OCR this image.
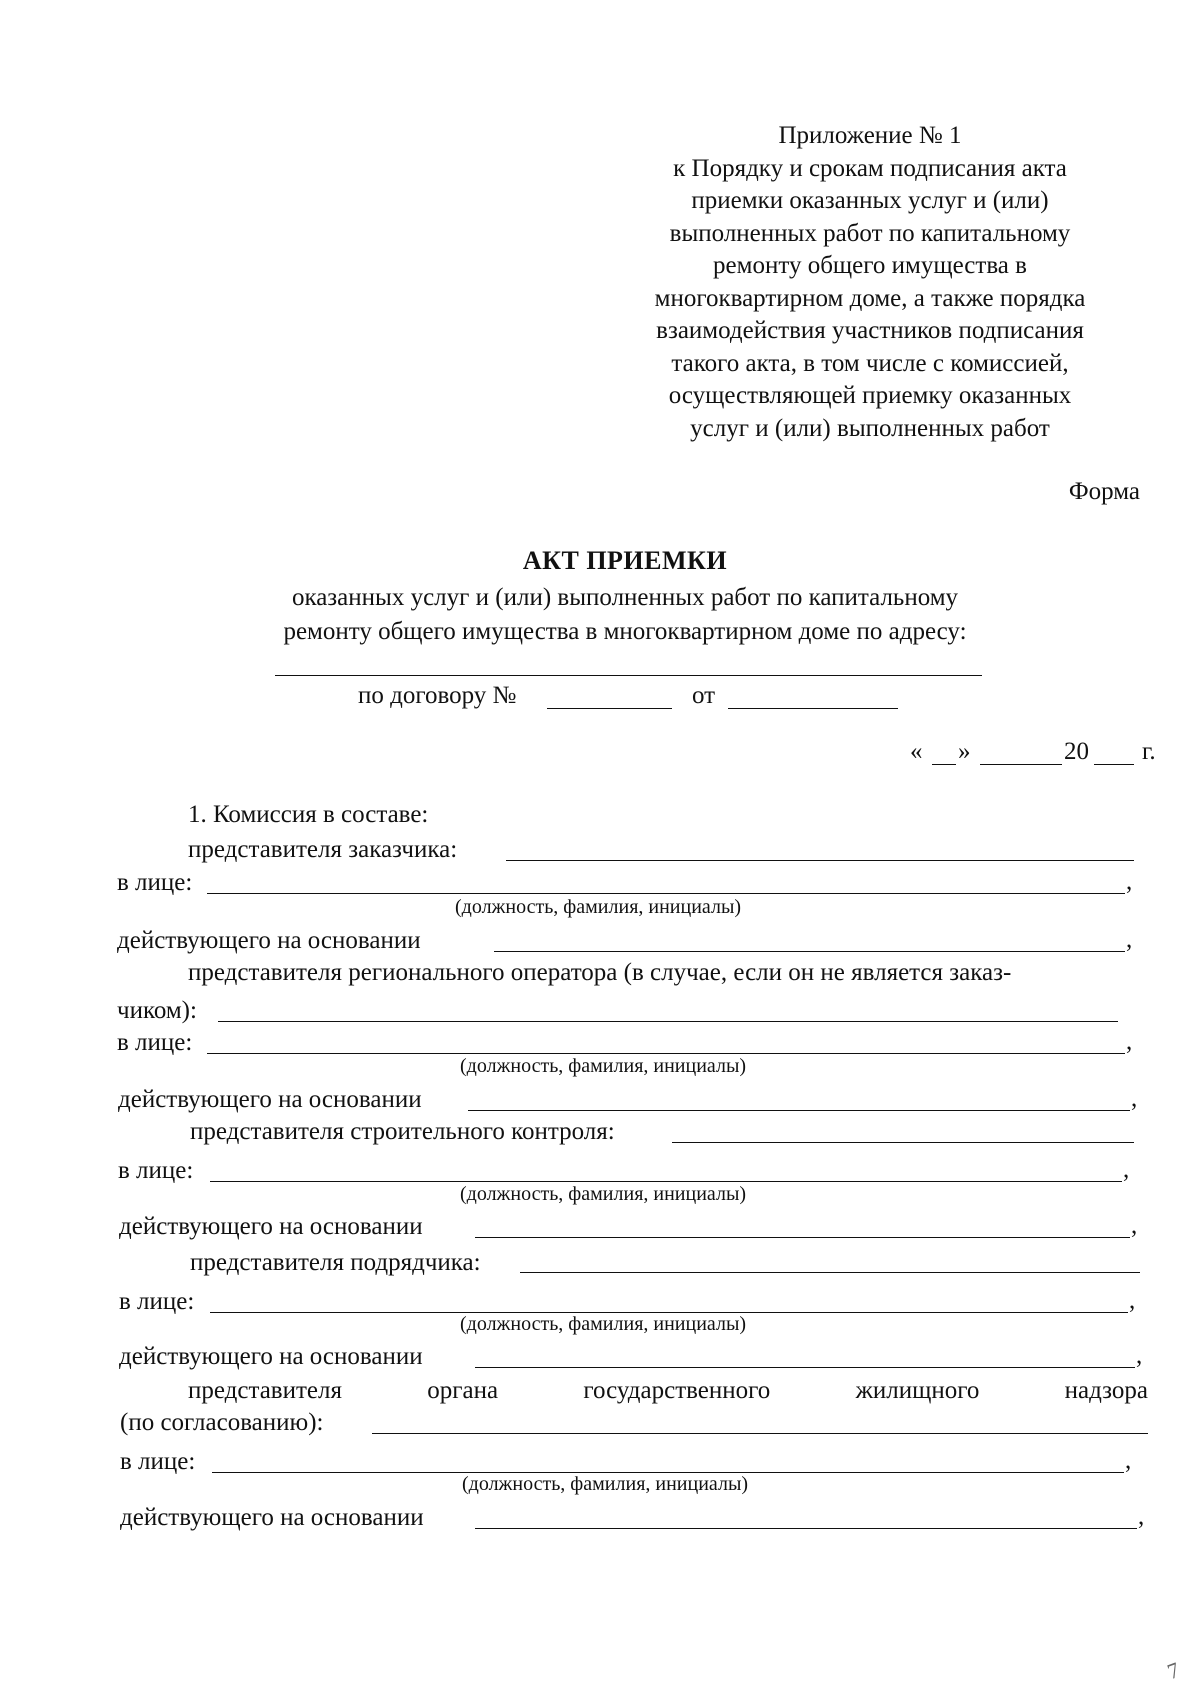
Приложение № 1
к Порядку и срокам подписания акта
приемки оказанных услуг и (или)
выполненных работ по капитальному
ремонту общего имущества в
многоквартирном доме, а также порядка
взаимодействия участников подписания
такого акта, в том числе с комиссией,
осуществляющей приемку оказанных
услуг и (или) выполненных работ
Форма
АКТ ПРИЕМКИ
оказанных услуг и (или) выполненных работ по капитальному
ремонту общего имущества в многоквартирном доме по адресу:
по договору №	от
« »	20 г.
1. Комиссия в составе:
представителя заказчика:
в лице:	,
(должность, фамилия, инициалы)
действующего на основании	,
представителя регионального оператора (в случае, если он не является заказ-
чиком):
в лице:	,
(должность, фамилия, инициалы)
действующего на основании	,
представителя строительного контроля:
в лице:	,
(должность, фамилия, инициалы)
действующего на основании	,
представителя подрядчика:
в лице:	,
(должность, фамилия, инициалы)
действующего на основании	,
представителя	органа	государственного	жилищного	надзора
(по согласованию):
в лице:	,
(должность, фамилия, инициалы)
действующего на основании	,
7
